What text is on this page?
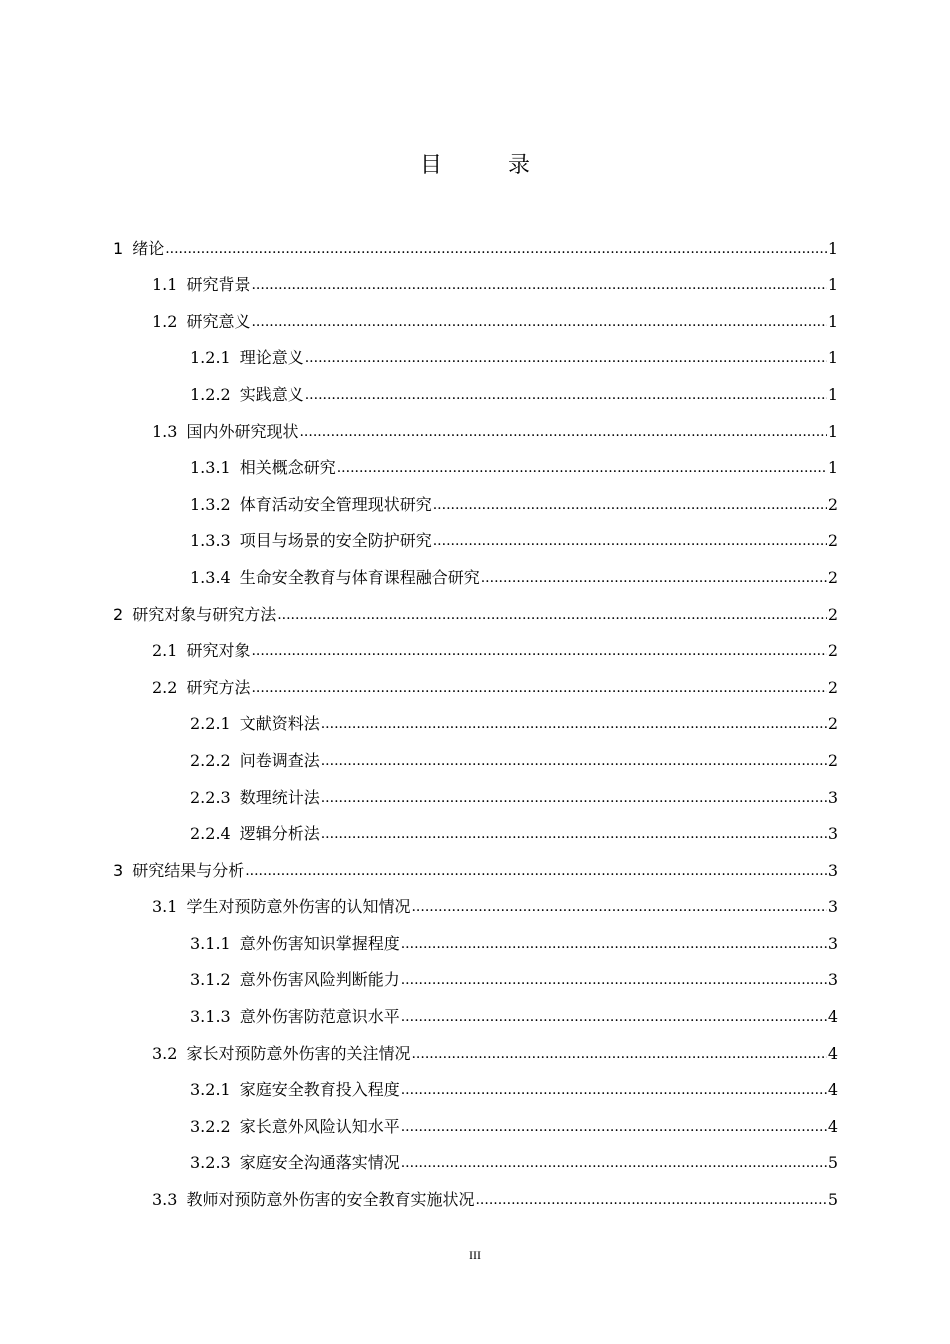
目　录
1 绪论 .....	1
1.1 研究背景 .....	1
1.2 研究意义 .....	1
1.2.1 理论意义 .....	1
1.2.2 实践意义 .....	1
1.3 国内外研究现状 .....	1
1.3.1 相关概念研究 .....	1
1.3.2 体育活动安全管理现状研究 .....	2
1.3.3 项目与场景的安全防护研究 .....	2
1.3.4 生命安全教育与体育课程融合研究 .....	2
2 研究对象与研究方法 .....	2
2.1 研究对象 .....	2
2.2 研究方法 .....	2
2.2.1 文献资料法 .....	2
2.2.2 问卷调查法 .....	2
2.2.3 数理统计法 .....	3
2.2.4 逻辑分析法 .....	3
3 研究结果与分析 .....	3
3.1 学生对预防意外伤害的认知情况 .....	3
3.1.1 意外伤害知识掌握程度 .....	3
3.1.2 意外伤害风险判断能力 .....	3
3.1.3 意外伤害防范意识水平 .....	4
3.2 家长对预防意外伤害的关注情况 .....	4
3.2.1 家庭安全教育投入程度 .....	4
3.2.2 家长意外风险认知水平 .....	4
3.2.3 家庭安全沟通落实情况 .....	5
3.3 教师对预防意外伤害的安全教育实施状况 .....	5
III
